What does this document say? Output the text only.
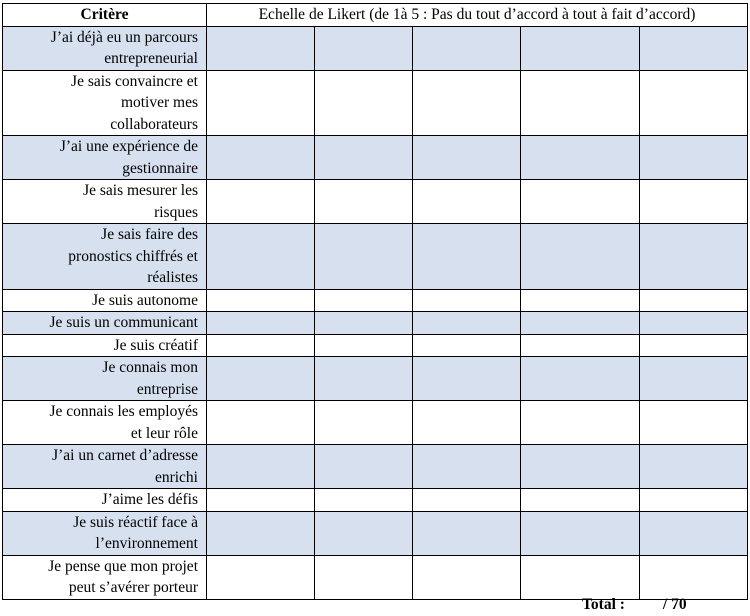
Critère	Echelle de Likert (de 1à 5 : Pas du tout d’accord à tout à fait d’accord)				

J’ai déjà eu un parcours
entrepreneurial					

Je sais convaincre et
motiver mes
collaborateurs					

J’ai une expérience de
gestionnaire					

Je sais mesurer les
risques					

Je sais faire des
pronostics chiffrés et
réalistes					

Je suis autonome					

Je suis un communicant					

Je suis créatif					

Je connais mon
entreprise					

Je connais les employés
et leur rôle					

J’ai un carnet d’adresse
enrichi					

J’aime les défis					

Je suis réactif face à
l’environnement					

Je pense que mon projet
peut s’avérer porteur					

Total : / 70
